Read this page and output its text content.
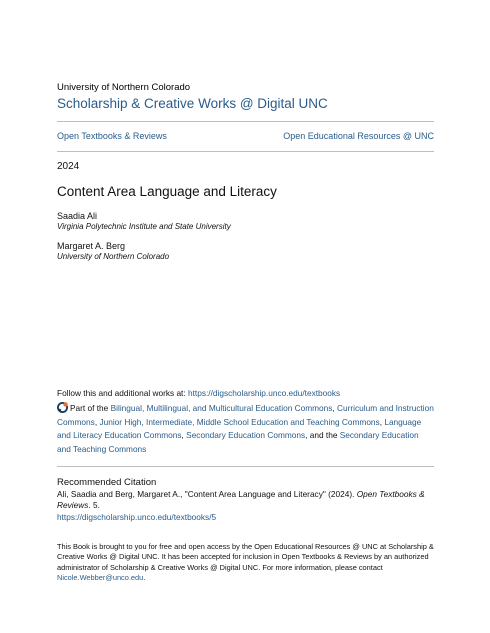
University of Northern Colorado
Scholarship & Creative Works @ Digital UNC
Open Textbooks & Reviews	Open Educational Resources @ UNC
2024
Content Area Language and Literacy
Saadia Ali
Virginia Polytechnic Institute and State University
Margaret A. Berg
University of Northern Colorado
Follow this and additional works at: https://digscholarship.unco.edu/textbooks
Part of the Bilingual, Multilingual, and Multicultural Education Commons, Curriculum and Instruction Commons, Junior High, Intermediate, Middle School Education and Teaching Commons, Language and Literacy Education Commons, Secondary Education Commons, and the Secondary Education and Teaching Commons
Recommended Citation
Ali, Saadia and Berg, Margaret A., "Content Area Language and Literacy" (2024). Open Textbooks & Reviews. 5.
https://digscholarship.unco.edu/textbooks/5
This Book is brought to you for free and open access by the Open Educational Resources @ UNC at Scholarship & Creative Works @ Digital UNC. It has been accepted for inclusion in Open Textbooks & Reviews by an authorized administrator of Scholarship & Creative Works @ Digital UNC. For more information, please contact Nicole.Webber@unco.edu.
